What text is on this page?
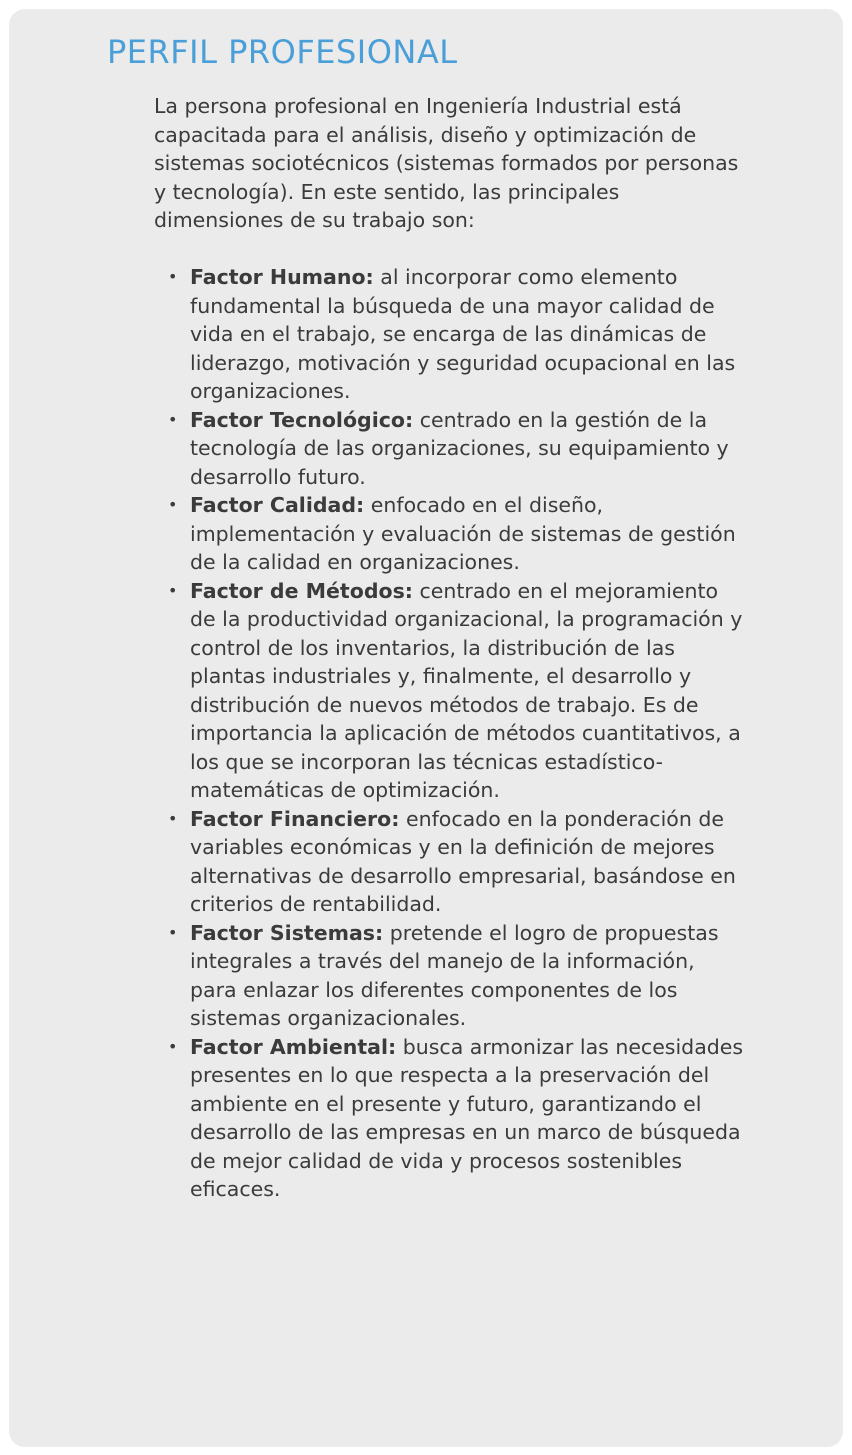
PERFIL PROFESIONAL

La persona profesional en Ingeniería Industrial está capacitada para el análisis, diseño y optimización de sistemas sociotécnicos (sistemas formados por personas y tecnología). En este sentido, las principales dimensiones de su trabajo son:

• Factor Humano: al incorporar como elemento fundamental la búsqueda de una mayor calidad de vida en el trabajo, se encarga de las dinámicas de liderazgo, motivación y seguridad ocupacional en las organizaciones.
• Factor Tecnológico: centrado en la gestión de la tecnología de las organizaciones, su equipamiento y desarrollo futuro.
• Factor Calidad: enfocado en el diseño, implementación y evaluación de sistemas de gestión de la calidad en organizaciones.
• Factor de Métodos: centrado en el mejoramiento de la productividad organizacional, la programación y control de los inventarios, la distribución de las plantas industriales y, finalmente, el desarrollo y distribución de nuevos métodos de trabajo. Es de importancia la aplicación de métodos cuantitativos, a los que se incorporan las técnicas estadístico-matemáticas de optimización.
• Factor Financiero: enfocado en la ponderación de variables económicas y en la definición de mejores alternativas de desarrollo empresarial, basándose en criterios de rentabilidad.
• Factor Sistemas: pretende el logro de propuestas integrales a través del manejo de la información, para enlazar los diferentes componentes de los sistemas organizacionales.
• Factor Ambiental: busca armonizar las necesidades presentes en lo que respecta a la preservación del ambiente en el presente y futuro, garantizando el desarrollo de las empresas en un marco de búsqueda de mejor calidad de vida y procesos sostenibles eficaces.
